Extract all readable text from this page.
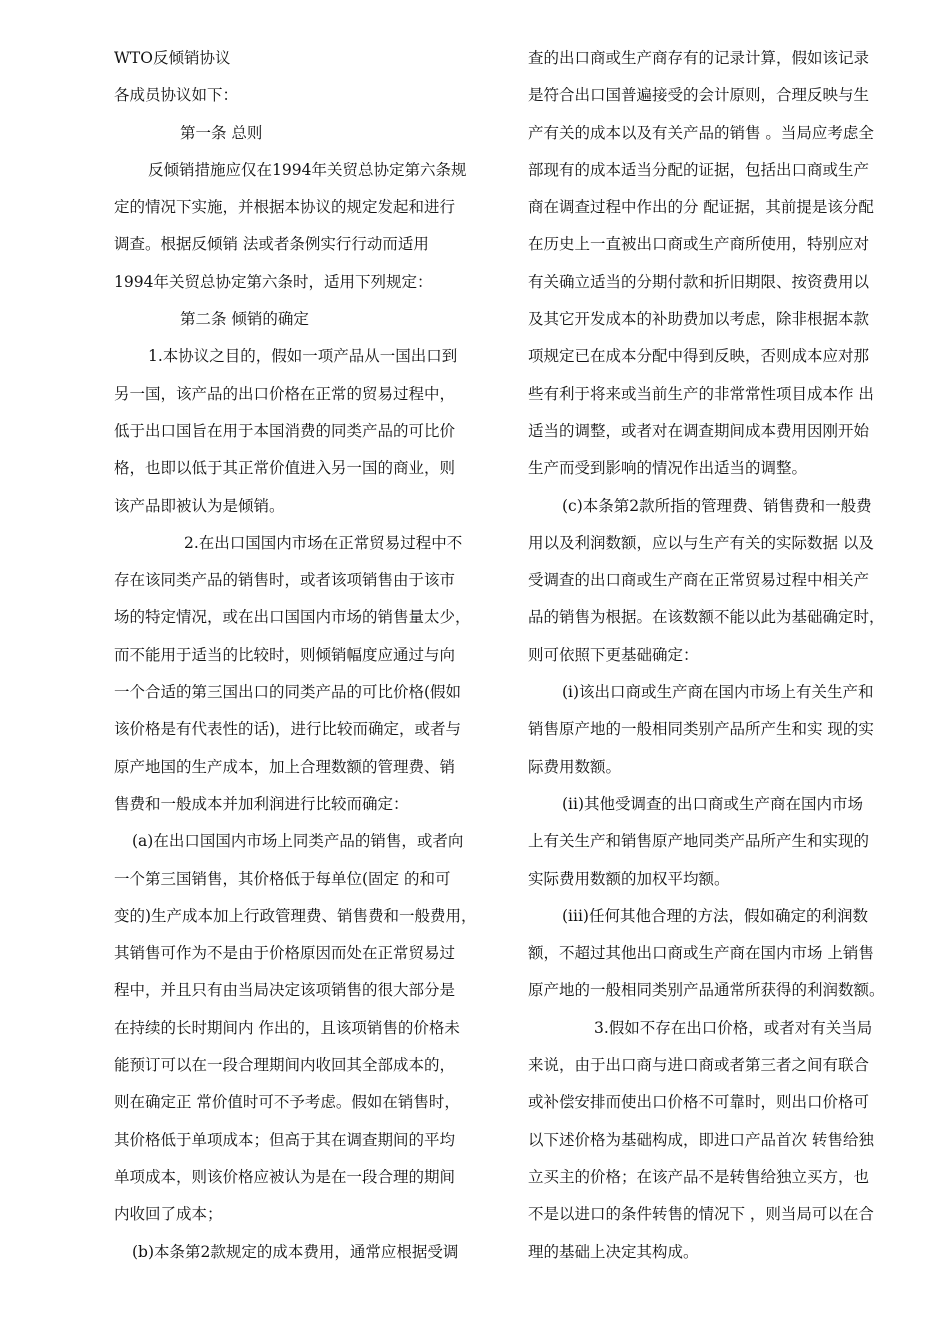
WTO反倾销协议
各成员协议如下：
第一条 总则
反倾销措施应仅在1994年关贸总协定第六条规
定的情况下实施，并根据本协议的规定发起和进行
调查。根据反倾销 法或者条例实行行动而适用
1994年关贸总协定第六条时，适用下列规定：
第二条 倾销的确定
1.本协议之目的，假如一项产品从一国出口到
另一国，该产品的出口价格在正常的贸易过程中，
低于出口国旨在用于本国消费的同类产品的可比价
格，也即以低于其正常价值进入另一国的商业，则
该产品即被认为是倾销。
2.在出口国国内市场在正常贸易过程中不
存在该同类产品的销售时，或者该项销售由于该市
场的特定情况，或在出口国国内市场的销售量太少，
而不能用于适当的比较时，则倾销幅度应通过与向
一个合适的第三国出口的同类产品的可比价格(假如
该价格是有代表性的话)，进行比较而确定，或者与
原产地国的生产成本，加上合理数额的管理费、销
售费和一般成本并加利润进行比较而确定：
(a)在出口国国内市场上同类产品的销售，或者向
一个第三国销售，其价格低于每单位(固定 的和可
变的)生产成本加上行政管理费、销售费和一般费用，
其销售可作为不是由于价格原因而处在正常贸易过
程中，并且只有由当局决定该项销售的很大部分是
在持续的长时期间内 作出的，且该项销售的价格未
能预订可以在一段合理期间内收回其全部成本的，
则在确定正 常价值时可不予考虑。假如在销售时，
其价格低于单项成本；但高于其在调查期间的平均
单项成本，则该价格应被认为是在一段合理的期间
内收回了成本；
(b)本条第2款规定的成本费用，通常应根据受调
查的出口商或生产商存有的记录计算，假如该记录
是符合出口国普遍接受的会计原则，合理反映与生
产有关的成本以及有关产品的销售 。当局应考虑全
部现有的成本适当分配的证据，包括出口商或生产
商在调查过程中作出的分 配证据，其前提是该分配
在历史上一直被出口商或生产商所使用，特别应对
有关确立适当的分期付款和折旧期限、按资费用以
及其它开发成本的补助费加以考虑，除非根据本款
项规定已在成本分配中得到反映，否则成本应对那
些有利于将来或当前生产的非常常性项目成本作 出
适当的调整，或者对在调查期间成本费用因刚开始
生产而受到影响的情况作出适当的调整。
(c)本条第2款所指的管理费、销售费和一般费
用以及利润数额，应以与生产有关的实际数据 以及
受调查的出口商或生产商在正常贸易过程中相关产
品的销售为根据。在该数额不能以此为基础确定时，
则可依照下更基础确定：
(i)该出口商或生产商在国内市场上有关生产和
销售原产地的一般相同类别产品所产生和实 现的实
际费用数额。
(ii)其他受调查的出口商或生产商在国内市场
上有关生产和销售原产地同类产品所产生和实现的
实际费用数额的加权平均额。
(iii)任何其他合理的方法，假如确定的利润数
额，不超过其他出口商或生产商在国内市场 上销售
原产地的一般相同类别产品通常所获得的利润数额。
3.假如不存在出口价格，或者对有关当局
来说，由于出口商与进口商或者第三者之间有联合
或补偿安排而使出口价格不可靠时，则出口价格可
以下述价格为基础构成，即进口产品首次 转售给独
立买主的价格；在该产品不是转售给独立买方，也
不是以进口的条件转售的情况下 ，则当局可以在合
理的基础上决定其构成。
